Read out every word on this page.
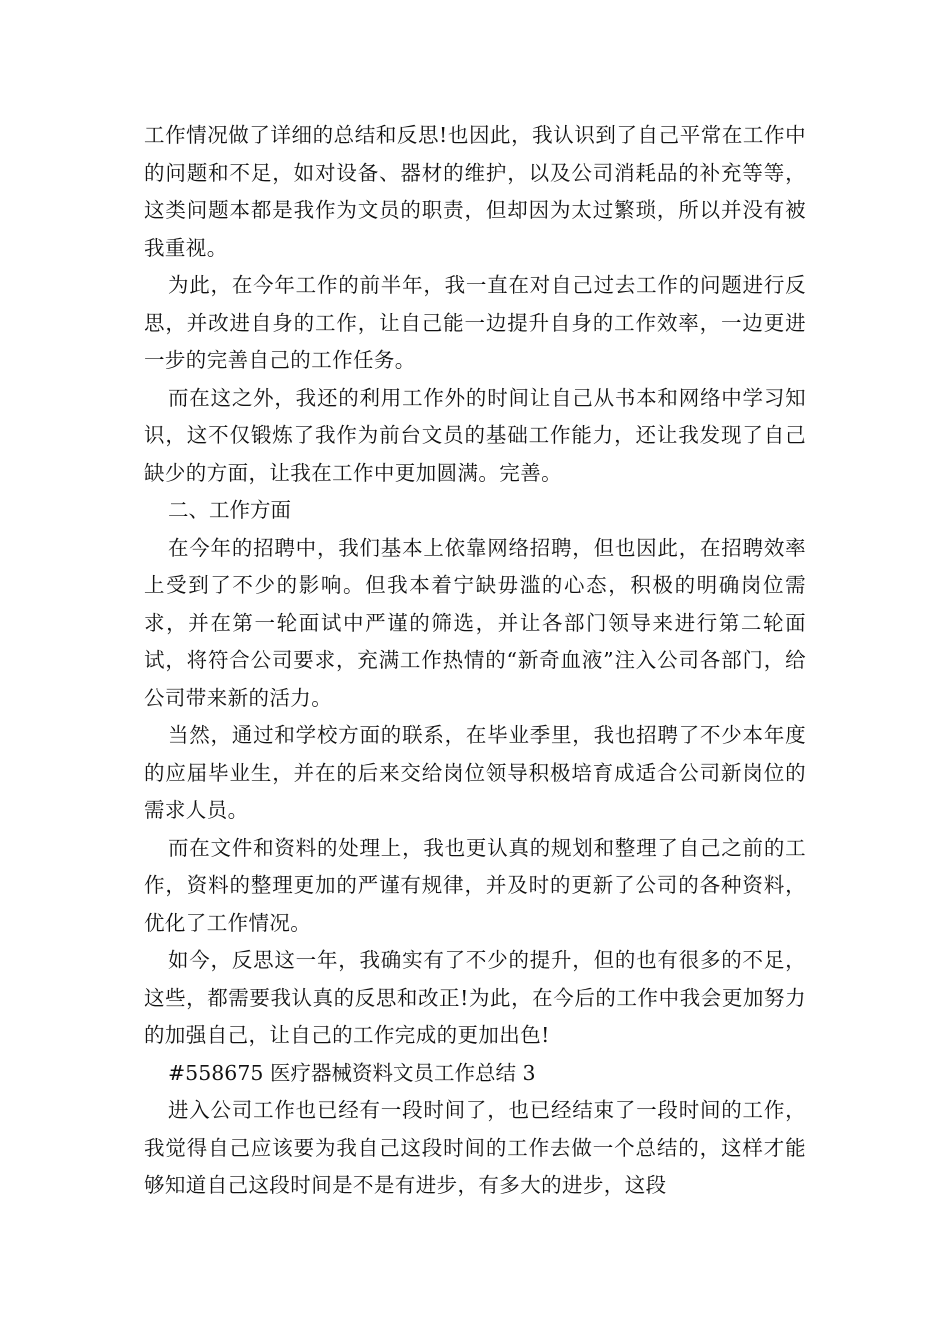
工作情况做了详细的总结和反思!也因此，我认识到了自己平常在工作中的问题和不足，如对设备、器材的维护，以及公司消耗品的补充等等，这类问题本都是我作为文员的职责，但却因为太过繁琐，所以并没有被我重视。

为此，在今年工作的前半年，我一直在对自己过去工作的问题进行反思，并改进自身的工作，让自己能一边提升自身的工作效率，一边更进一步的完善自己的工作任务。

而在这之外，我还的利用工作外的时间让自己从书本和网络中学习知识，这不仅锻炼了我作为前台文员的基础工作能力，还让我发现了自己缺少的方面，让我在工作中更加圆满。完善。

二、工作方面

在今年的招聘中，我们基本上依靠网络招聘，但也因此，在招聘效率上受到了不少的影响。但我本着宁缺毋滥的心态，积极的明确岗位需求，并在第一轮面试中严谨的筛选，并让各部门领导来进行第二轮面试，将符合公司要求，充满工作热情的“新奇血液”注入公司各部门，给公司带来新的活力。

当然，通过和学校方面的联系，在毕业季里，我也招聘了不少本年度的应届毕业生，并在的后来交给岗位领导积极培育成适合公司新岗位的需求人员。

而在文件和资料的处理上，我也更认真的规划和整理了自己之前的工作，资料的整理更加的严谨有规律，并及时的更新了公司的各种资料，优化了工作情况。

如今，反思这一年，我确实有了不少的提升，但的也有很多的不足，这些，都需要我认真的反思和改正!为此，在今后的工作中我会更加努力的加强自己，让自己的工作完成的更加出色!

#558675 医疗器械资料文员工作总结 3

进入公司工作也已经有一段时间了，也已经结束了一段时间的工作，我觉得自己应该要为我自己这段时间的工作去做一个总结的，这样才能够知道自己这段时间是不是有进步，有多大的进步，这段
